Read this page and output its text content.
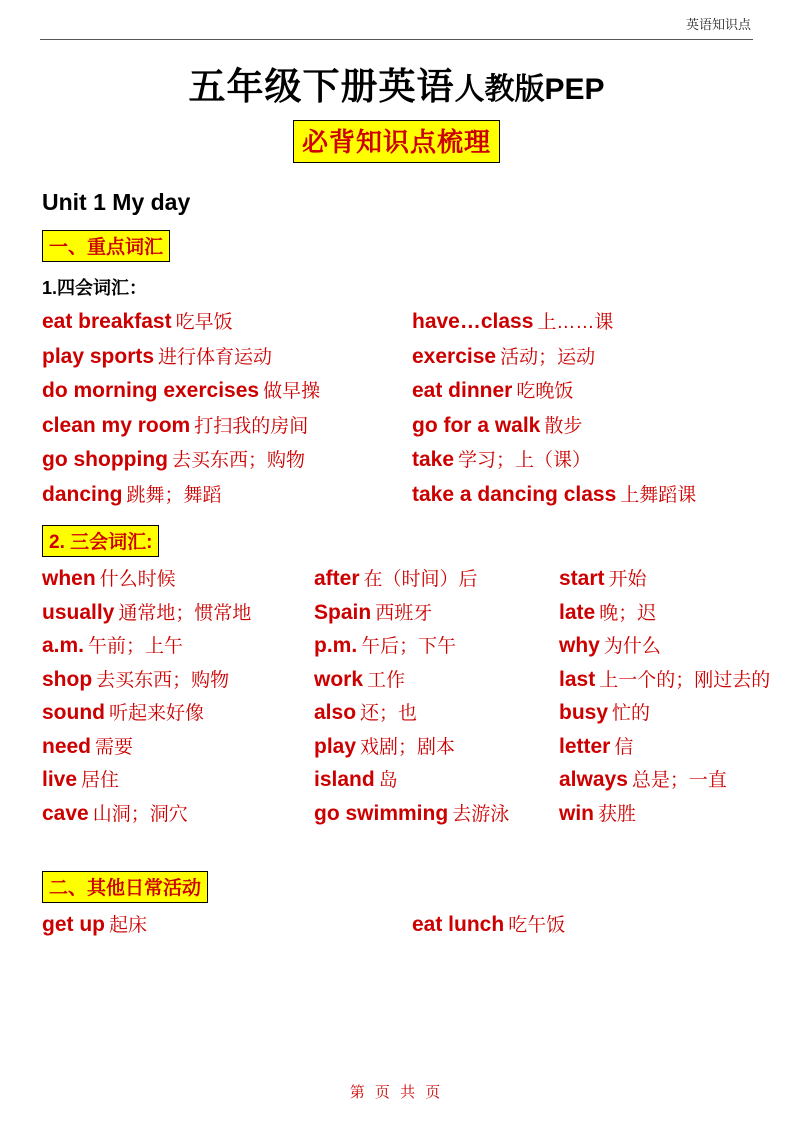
英语知识点
五年级下册英语人教版PEP
必背知识点梳理
Unit 1 My day
一、重点词汇
1.四会词汇：
eat breakfast 吃早饭	have…class 上……课
play sports 进行体育运动	exercise 活动；运动
do morning exercises 做早操	eat dinner 吃晚饭
clean my room 打扫我的房间	go for a walk 散步
go shopping 去买东西；购物	take 学习；上（课）
dancing 跳舞；舞蹈	take a dancing class 上舞蹈课
2. 三会词汇:
when 什么时候	after 在（时间）后	start 开始
usually 通常地；惯常地	Spain 西班牙	late 晚；迟
a.m. 午前；上午	p.m. 午后；下午	why 为什么
shop 去买东西；购物	work 工作	last 上一个的；刚过去的
sound 听起来好像	also 还；也	busy 忙的
need 需要	play 戏剧；剧本	letter 信
live 居住	island 岛	always 总是；一直
cave 山洞；洞穴	go swimming 去游泳	win 获胜
二、其他日常活动
get up 起床	eat lunch 吃午饭
第 页 共 页
